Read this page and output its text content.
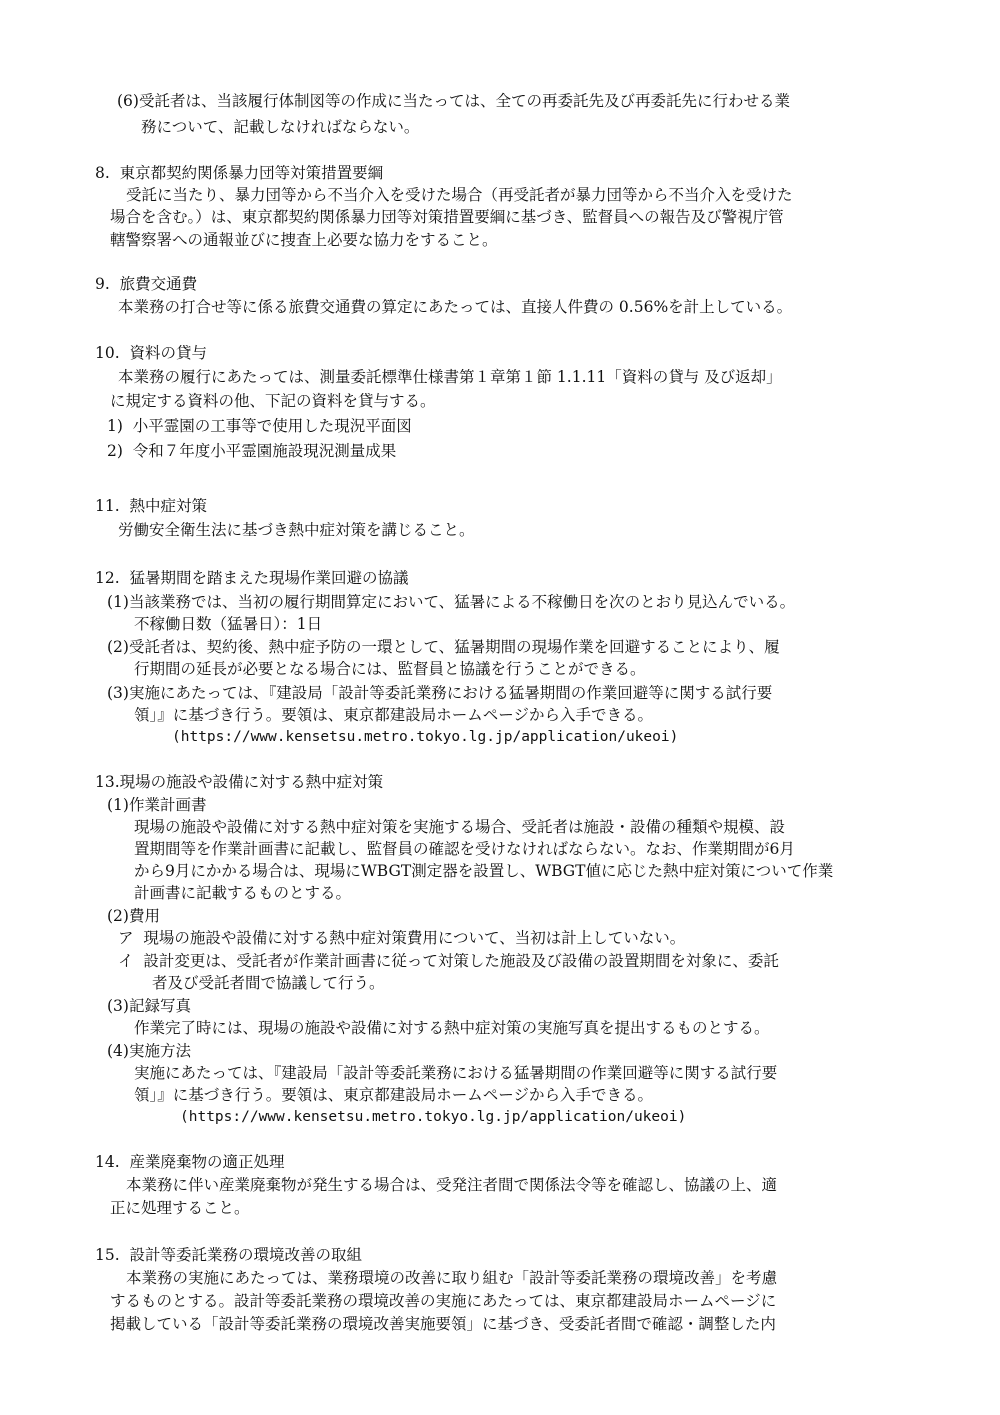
(6)受託者は、当該履行体制図等の作成に当たっては、全ての再委託先及び再委託先に行わせる業
務について、記載しなければならない。
8.  東京都契約関係暴力団等対策措置要綱
受託に当たり、暴力団等から不当介入を受けた場合（再受託者が暴力団等から不当介入を受けた
場合を含む。）は、東京都契約関係暴力団等対策措置要綱に基づき、監督員への報告及び警視庁管
轄警察署への通報並びに捜査上必要な協力をすること。
9.  旅費交通費
本業務の打合せ等に係る旅費交通費の算定にあたっては、直接人件費の 0.56%を計上している。
10.  資料の貸与
本業務の履行にあたっては、測量委託標準仕様書第１章第１節 1.1.11「資料の貸与 及び返却」
に規定する資料の他、下記の資料を貸与する。
1)  小平霊園の工事等で使用した現況平面図
2)  令和７年度小平霊園施設現況測量成果
11.  熱中症対策
労働安全衛生法に基づき熱中症対策を講じること。
12.  猛暑期間を踏まえた現場作業回避の協議
(1)当該業務では、当初の履行期間算定において、猛暑による不稼働日を次のとおり見込んでいる。
不稼働日数（猛暑日）：1日
(2)受託者は、契約後、熱中症予防の一環として、猛暑期間の現場作業を回避することにより、履
行期間の延長が必要となる場合には、監督員と協議を行うことができる。
(3)実施にあたっては、『建設局「設計等委託業務における猛暑期間の作業回避等に関する試行要
領」』に基づき行う。要領は、東京都建設局ホームページから入手できる。
(https://www.kensetsu.metro.tokyo.lg.jp/application/ukeoi)
13.現場の施設や設備に対する熱中症対策
(1)作業計画書
現場の施設や設備に対する熱中症対策を実施する場合、受託者は施設・設備の種類や規模、設
置期間等を作業計画書に記載し、監督員の確認を受けなければならない。なお、作業期間が6月
から9月にかかる場合は、現場にWBGT測定器を設置し、WBGT値に応じた熱中症対策について作業
計画書に記載するものとする。
(2)費用
ア  現場の施設や設備に対する熱中症対策費用について、当初は計上していない。
イ  設計変更は、受託者が作業計画書に従って対策した施設及び設備の設置期間を対象に、委託
者及び受託者間で協議して行う。
(3)記録写真
作業完了時には、現場の施設や設備に対する熱中症対策の実施写真を提出するものとする。
(4)実施方法
実施にあたっては、『建設局「設計等委託業務における猛暑期間の作業回避等に関する試行要
領」』に基づき行う。要領は、東京都建設局ホームページから入手できる。
(https://www.kensetsu.metro.tokyo.lg.jp/application/ukeoi)
14.  産業廃棄物の適正処理
本業務に伴い産業廃棄物が発生する場合は、受発注者間で関係法令等を確認し、協議の上、適
正に処理すること。
15.  設計等委託業務の環境改善の取組
本業務の実施にあたっては、業務環境の改善に取り組む「設計等委託業務の環境改善」を考慮
するものとする。設計等委託業務の環境改善の実施にあたっては、東京都建設局ホームページに
掲載している「設計等委託業務の環境改善実施要領」に基づき、受委託者間で確認・調整した内
